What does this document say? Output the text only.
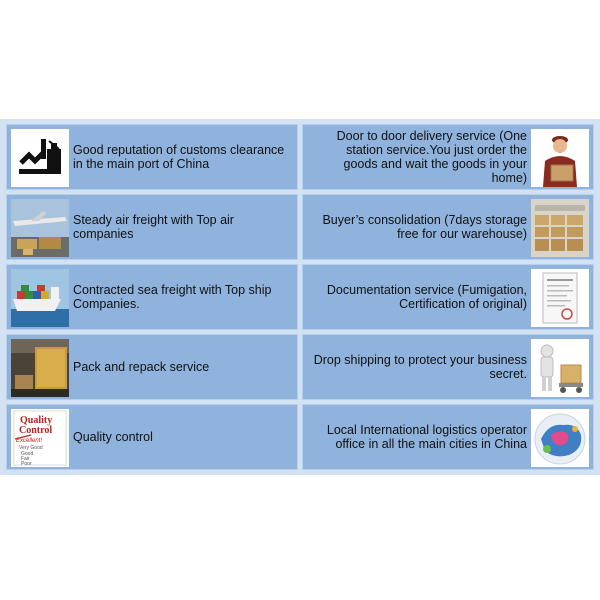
Good reputation of customs clearance in the main port of China
Door to door delivery service (One station service.You just order the goods and wait the goods in your home)
Steady air freight with Top air companies
Buyer’s consolidation (7days storage free for our warehouse)
Contracted sea freight with Top ship Companies.
Documentation service (Fumigation, Certification of original)
Pack and repack service	Drop shipping to protect your business secret.
Quality
Control
Excellent!
Very Good
Good
Fair
Poor
Quality control	Local International logistics operator office in all the main cities in China
